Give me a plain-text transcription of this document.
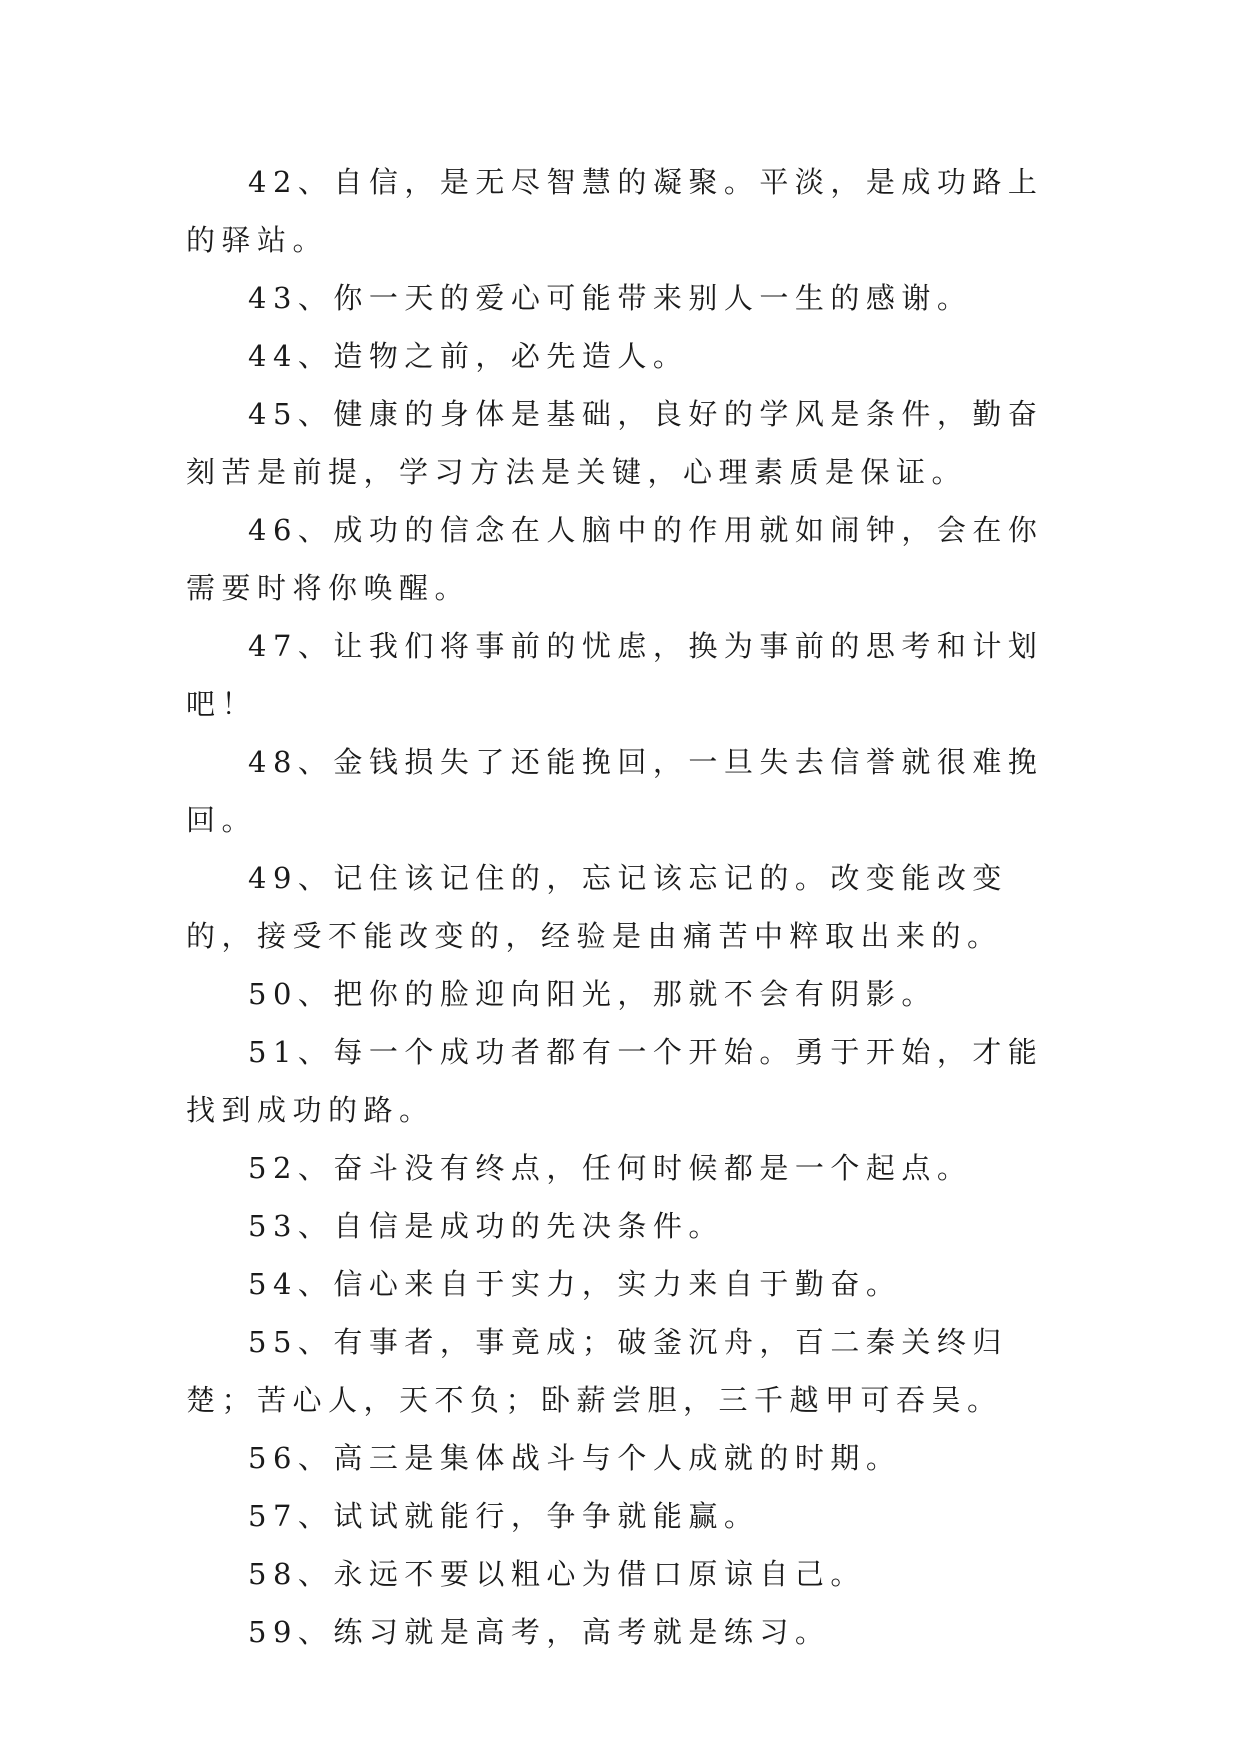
42、自信，是无尽智慧的凝聚。平淡，是成功路上的驿站。

43、你一天的爱心可能带来别人一生的感谢。

44、造物之前，必先造人。

45、健康的身体是基础，良好的学风是条件，勤奋刻苦是前提，学习方法是关键，心理素质是保证。

46、成功的信念在人脑中的作用就如闹钟，会在你需要时将你唤醒。

47、让我们将事前的忧虑，换为事前的思考和计划吧！

48、金钱损失了还能挽回，一旦失去信誉就很难挽回。

49、记住该记住的，忘记该忘记的。改变能改变的，接受不能改变的，经验是由痛苦中粹取出来的。

50、把你的脸迎向阳光，那就不会有阴影。

51、每一个成功者都有一个开始。勇于开始，才能找到成功的路。

52、奋斗没有终点，任何时候都是一个起点。

53、自信是成功的先决条件。

54、信心来自于实力，实力来自于勤奋。

55、有事者，事竟成；破釜沉舟，百二秦关终归楚；苦心人，天不负；卧薪尝胆，三千越甲可吞吴。

56、高三是集体战斗与个人成就的时期。

57、试试就能行，争争就能赢。

58、永远不要以粗心为借口原谅自己。

59、练习就是高考，高考就是练习。
